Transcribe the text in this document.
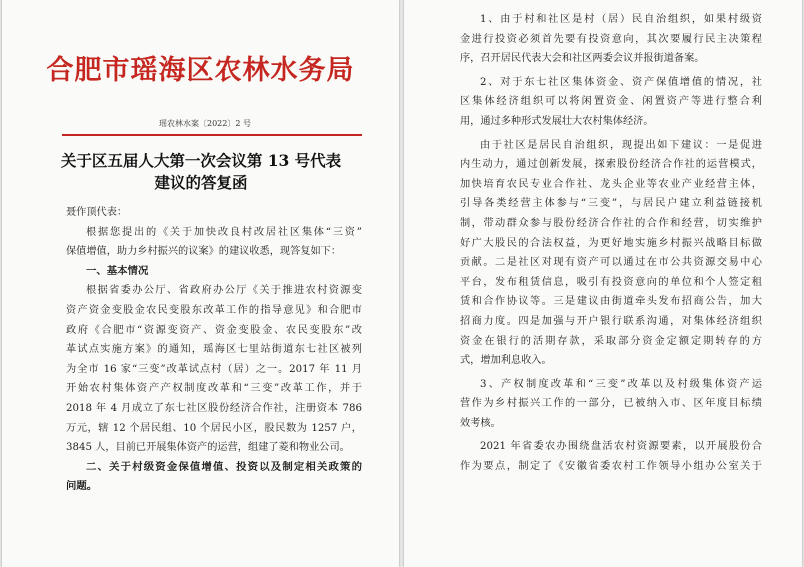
合肥市瑶海区农林水务局
瑶农林水案〔2022〕2 号
关于区五届人大第一次会议第 13 号代表
建议的答复函
聂作顶代表：
根据您提出的《关于加快改良村改居社区集体“三资”
保值增值，助力乡村振兴的议案》的建议收悉，现答复如下：
一、基本情况
根据省委办公厅、省政府办公厅《关于推进农村资源变
资产资金变股金农民变股东改革工作的指导意见》和合肥市
政府《合肥市“资源变资产、资金变股金、农民变股东”改
革试点实施方案》的通知，瑶海区七里站街道东七社区被列
为全市 16 家“三变”改革试点村（居）之一。2017 年 11 月
开始农村集体资产产权制度改革和“三变”改革工作，并于
2018 年 4 月成立了东七社区股份经济合作社，注册资本 786
万元，辖 12 个居民组、10 个居民小区，股民数为 1257 户，
3845 人，目前已开展集体资产的运营，组建了菱和物业公司。
二、关于村级资金保值增值、投资以及制定相关政策的
问题。
1、由于村和社区是村（居）民自治组织，如果村级资
金进行投资必须首先要有投资意向，其次要履行民主决策程
序，召开居民代表大会和社区两委会议并报街道备案。
2、对于东七社区集体资金、资产保值增值的情况，社
区集体经济组织可以将闲置资金、闲置资产等进行整合利
用，通过多种形式发展壮大农村集体经济。
由于社区是居民自治组织，现提出如下建议：一是促进
内生动力，通过创新发展，探索股份经济合作社的运营模式，
加快培育农民专业合作社、龙头企业等农业产业经营主体，
引导各类经营主体参与“三变”，与居民户建立利益链接机
制，带动群众参与股份经济合作社的合作和经营，切实维护
好广大股民的合法权益，为更好地实施乡村振兴战略目标做
贡献。二是社区对现有资产可以通过在市公共资源交易中心
平台，发布租赁信息，吸引有投资意向的单位和个人签定租
赁和合作协议等。三是建议由街道牵头发布招商公告，加大
招商力度。四是加强与开户银行联系沟通，对集体经济组织
资金在银行的活期存款，采取部分资金定额定期转存的方
式，增加利息收入。
3、产权制度改革和“三变”改革以及村级集体资产运
营作为乡村振兴工作的一部分，已被纳入市、区年度目标绩
效考核。
2021 年省委农办围绕盘活农村资源要素，以开展股份合
作为要点，制定了《安徽省委农村工作领导小组办公室关于
